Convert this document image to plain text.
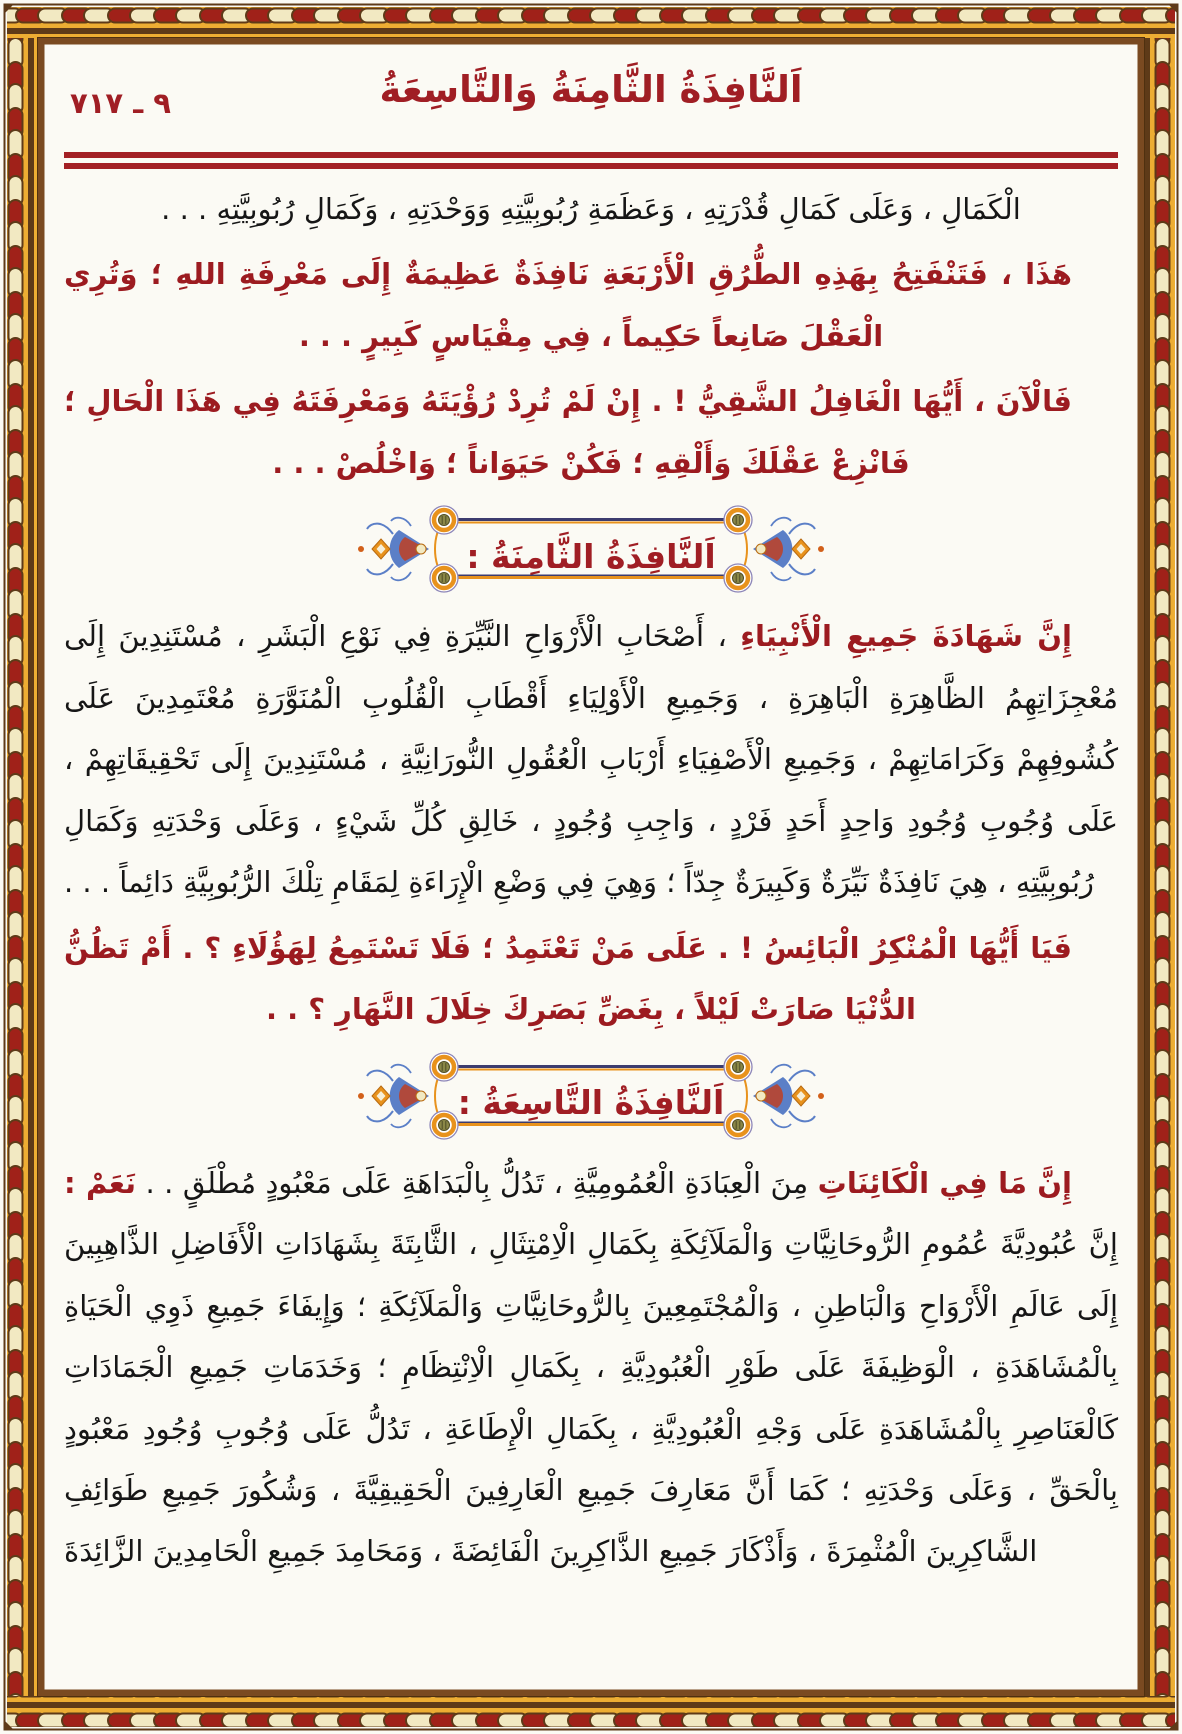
٩ ـ ٧١٧	اَلنَّافِذَةُ الثَّامِنَةُ وَالتَّاسِعَةُ

الْكَمَالِ ، وَعَلَى كَمَالِ قُدْرَتِهِ ، وَعَظَمَةِ رُبُوبِيَّتِهِ وَوَحْدَتِهِ ، وَكَمَالِ رُبُوبِيَّتِهِ . . .

هَذَا ، فَتَنْفَتِحُ بِهَذِهِ الطُّرُقِ الْأَرْبَعَةِ نَافِذَةٌ عَظِيمَةٌ إِلَى مَعْرِفَةِ اللهِ ؛ وَتُرِي الْعَقْلَ صَانِعاً حَكِيماً ، فِي مِقْيَاسٍ كَبِيرٍ . . .

فَالْآنَ ، أَيُّهَا الْغَافِلُ الشَّقِيُّ ! . إِنْ لَمْ تُرِدْ رُؤْيَتَهُ وَمَعْرِفَتَهُ فِي هَذَا الْحَالِ ؛ فَانْزِعْ عَقْلَكَ وَأَلْقِهِ ؛ فَكُنْ حَيَوَاناً ؛ وَاخْلُصْ . . .

اَلنَّافِذَةُ الثَّامِنَةُ :

إِنَّ شَهَادَةَ جَمِيعِ الْأَنْبِيَاءِ ، أَصْحَابِ الْأَرْوَاحِ النَّيِّرَةِ فِي نَوْعِ الْبَشَرِ ، مُسْتَنِدِينَ إِلَى مُعْجِزَاتِهِمُ الظَّاهِرَةِ الْبَاهِرَةِ ، وَجَمِيعِ الْأَوْلِيَاءِ أَقْطَابِ الْقُلُوبِ الْمُنَوَّرَةِ مُعْتَمِدِينَ عَلَى كُشُوفِهِمْ وَكَرَامَاتِهِمْ ، وَجَمِيعِ الْأَصْفِيَاءِ أَرْبَابِ الْعُقُولِ النُّورَانِيَّةِ ، مُسْتَنِدِينَ إِلَى تَحْقِيقَاتِهِمْ ، عَلَى وُجُوبِ وُجُودِ وَاحِدٍ أَحَدٍ فَرْدٍ ، وَاجِبِ وُجُودٍ ، خَالِقِ كُلِّ شَيْءٍ ، وَعَلَى وَحْدَتِهِ وَكَمَالِ رُبُوبِيَّتِهِ ، هِيَ نَافِذَةٌ نَيِّرَةٌ وَكَبِيرَةٌ جِدّاً ؛ وَهِيَ فِي وَضْعِ الْإِرَاءَةِ لِمَقَامِ تِلْكَ الرُّبُوبِيَّةِ دَائِماً . . .

فَيَا أَيُّهَا الْمُنْكِرُ الْبَائِسُ ! . عَلَى مَنْ تَعْتَمِدُ ؛ فَلَا تَسْتَمِعُ لِهَؤُلَاءِ ؟ . أَمْ تَظُنُّ الدُّنْيَا صَارَتْ لَيْلاً ، بِغَضِّ بَصَرِكَ خِلَالَ النَّهَارِ ؟ . .

اَلنَّافِذَةُ التَّاسِعَةُ :

إِنَّ مَا فِي الْكَائِنَاتِ مِنَ الْعِبَادَةِ الْعُمُومِيَّةِ ، تَدُلُّ بِالْبَدَاهَةِ عَلَى مَعْبُودٍ مُطْلَقٍ . . نَعَمْ : إِنَّ عُبُودِيَّةَ عُمُومِ الرُّوحَانِيَّاتِ وَالْمَلَآئِكَةِ بِكَمَالِ الْاِمْتِثَالِ ، الثَّابِتَةَ بِشَهَادَاتِ الْأَفَاضِلِ الذَّاهِبِينَ إِلَى عَالَمِ الْأَرْوَاحِ وَالْبَاطِنِ ، وَالْمُجْتَمِعِينَ بِالرُّوحَانِيَّاتِ وَالْمَلَآئِكَةِ ؛ وَإِيفَاءَ جَمِيعِ ذَوِي الْحَيَاةِ بِالْمُشَاهَدَةِ ، الْوَظِيفَةَ عَلَى طَوْرِ الْعُبُودِيَّةِ ، بِكَمَالِ الْاِنْتِظَامِ ؛ وَخَدَمَاتِ جَمِيعِ الْجَمَادَاتِ كَالْعَنَاصِرِ بِالْمُشَاهَدَةِ عَلَى وَجْهِ الْعُبُودِيَّةِ ، بِكَمَالِ الْإِطَاعَةِ ، تَدُلُّ عَلَى وُجُوبِ وُجُودِ مَعْبُودٍ بِالْحَقِّ ، وَعَلَى وَحْدَتِهِ ؛ كَمَا أَنَّ مَعَارِفَ جَمِيعِ الْعَارِفِينَ الْحَقِيقِيَّةَ ، وَشُكُورَ جَمِيعِ طَوَائِفِ الشَّاكِرِينَ الْمُثْمِرَةَ ، وَأَذْكَارَ جَمِيعِ الذَّاكِرِينَ الْفَائِضَةَ ، وَمَحَامِدَ جَمِيعِ الْحَامِدِينَ الزَّائِدَةَ
